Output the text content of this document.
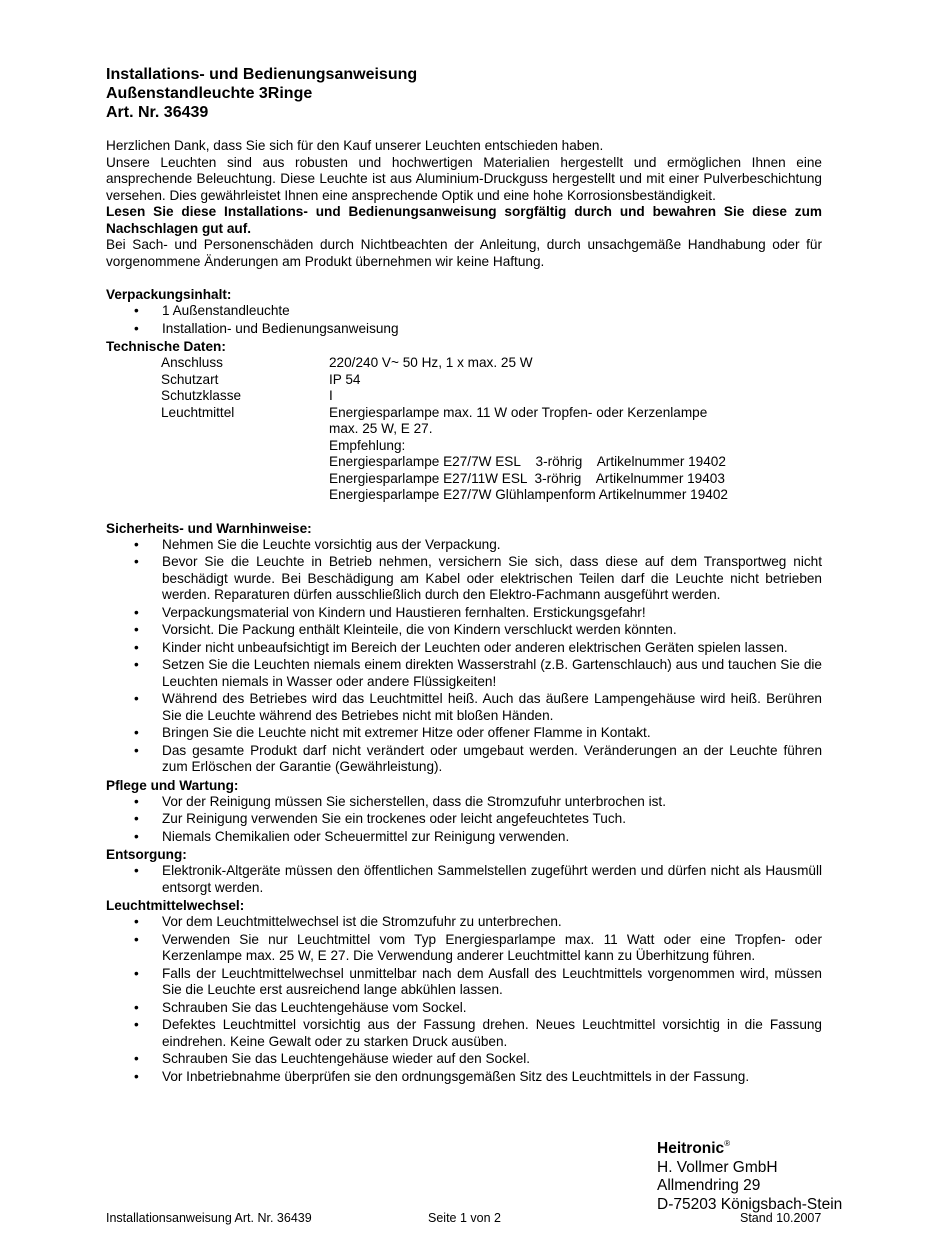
Installations- und Bedienungsanweisung
Außenstandleuchte 3Ringe
Art. Nr. 36439

Herzlichen Dank, dass Sie sich für den Kauf unserer Leuchten entschieden haben.

Unsere Leuchten sind aus robusten und hochwertigen Materialien hergestellt und ermöglichen Ihnen eine ansprechende Beleuchtung. Diese Leuchte ist aus Aluminium-Druckguss hergestellt und mit einer Pulverbeschichtung versehen. Dies gewährleistet Ihnen eine ansprechende Optik und eine hohe Korrosionsbeständigkeit.

Lesen Sie diese Installations- und Bedienungsanweisung sorgfältig durch und bewahren Sie diese zum Nachschlagen gut auf.

Bei Sach- und Personenschäden durch Nichtbeachten der Anleitung, durch unsachgemäße Handhabung oder für vorgenommene Änderungen am Produkt übernehmen wir keine Haftung.

Verpackungsinhalt:
• 1 Außenstandleuchte
• Installation- und Bedienungsanweisung
Technische Daten:
Anschluss	220/240 V~ 50 Hz, 1 x max. 25 W
Schutzart	IP 54
Schutzklasse	I
Leuchtmittel	Energiesparlampe max. 11 W oder Tropfen- oder Kerzenlampe
max. 25 W, E 27.
Empfehlung:
Energiesparlampe E27/7W ESL    3-röhrig    Artikelnummer 19402
Energiesparlampe E27/11W ESL  3-röhrig    Artikelnummer 19403
Energiesparlampe E27/7W Glühlampenform Artikelnummer 19402
Sicherheits- und Warnhinweise:
• Nehmen Sie die Leuchte vorsichtig aus der Verpackung.
• Bevor Sie die Leuchte in Betrieb nehmen, versichern Sie sich, dass diese auf dem Transportweg nicht beschädigt wurde. Bei Beschädigung am Kabel oder elektrischen Teilen darf die Leuchte nicht betrieben werden. Reparaturen dürfen ausschließlich durch den Elektro-Fachmann ausgeführt werden.
• Verpackungsmaterial von Kindern und Haustieren fernhalten. Erstickungsgefahr!
• Vorsicht. Die Packung enthält Kleinteile, die von Kindern verschluckt werden könnten.
• Kinder nicht unbeaufsichtigt im Bereich der Leuchten oder anderen elektrischen Geräten spielen lassen.
• Setzen Sie die Leuchten niemals einem direkten Wasserstrahl (z.B. Gartenschlauch) aus und tauchen Sie die Leuchten niemals in Wasser oder andere Flüssigkeiten!
• Während des Betriebes wird das Leuchtmittel heiß. Auch das äußere Lampengehäuse wird heiß. Berühren Sie die Leuchte während des Betriebes nicht mit bloßen Händen.
• Bringen Sie die Leuchte nicht mit extremer Hitze oder offener Flamme in Kontakt.
• Das gesamte Produkt darf nicht verändert oder umgebaut werden. Veränderungen an der Leuchte führen zum Erlöschen der Garantie (Gewährleistung).
Pflege und Wartung:
• Vor der Reinigung müssen Sie sicherstellen, dass die Stromzufuhr unterbrochen ist.
• Zur Reinigung verwenden Sie ein trockenes oder leicht angefeuchtetes Tuch.
• Niemals Chemikalien oder Scheuermittel zur Reinigung verwenden.
Entsorgung:
• Elektronik-Altgeräte müssen den öffentlichen Sammelstellen zugeführt werden und dürfen nicht als Hausmüll entsorgt werden.
Leuchtmittelwechsel:
• Vor dem Leuchtmittelwechsel ist die Stromzufuhr zu unterbrechen.
• Verwenden Sie nur Leuchtmittel vom Typ Energiesparlampe max. 11 Watt oder eine Tropfen- oder Kerzenlampe max. 25 W, E 27. Die Verwendung anderer Leuchtmittel kann zu Überhitzung führen.
• Falls der Leuchtmittelwechsel unmittelbar nach dem Ausfall des Leuchtmittels vorgenommen wird, müssen Sie die Leuchte erst ausreichend lange abkühlen lassen.
• Schrauben Sie das Leuchtengehäuse vom Sockel.
• Defektes Leuchtmittel vorsichtig aus der Fassung drehen. Neues Leuchtmittel vorsichtig in die Fassung eindrehen. Keine Gewalt oder zu starken Druck ausüben.
• Schrauben Sie das Leuchtengehäuse wieder auf den Sockel.
• Vor Inbetriebnahme überprüfen sie den ordnungsgemäßen Sitz des Leuchtmittels in der Fassung.
Heitronic®
H. Vollmer GmbH
Allmendring 29
D-75203 Königsbach-Stein
Installationsanweisung Art. Nr. 36439	Seite 1 von 2	Stand 10.2007
